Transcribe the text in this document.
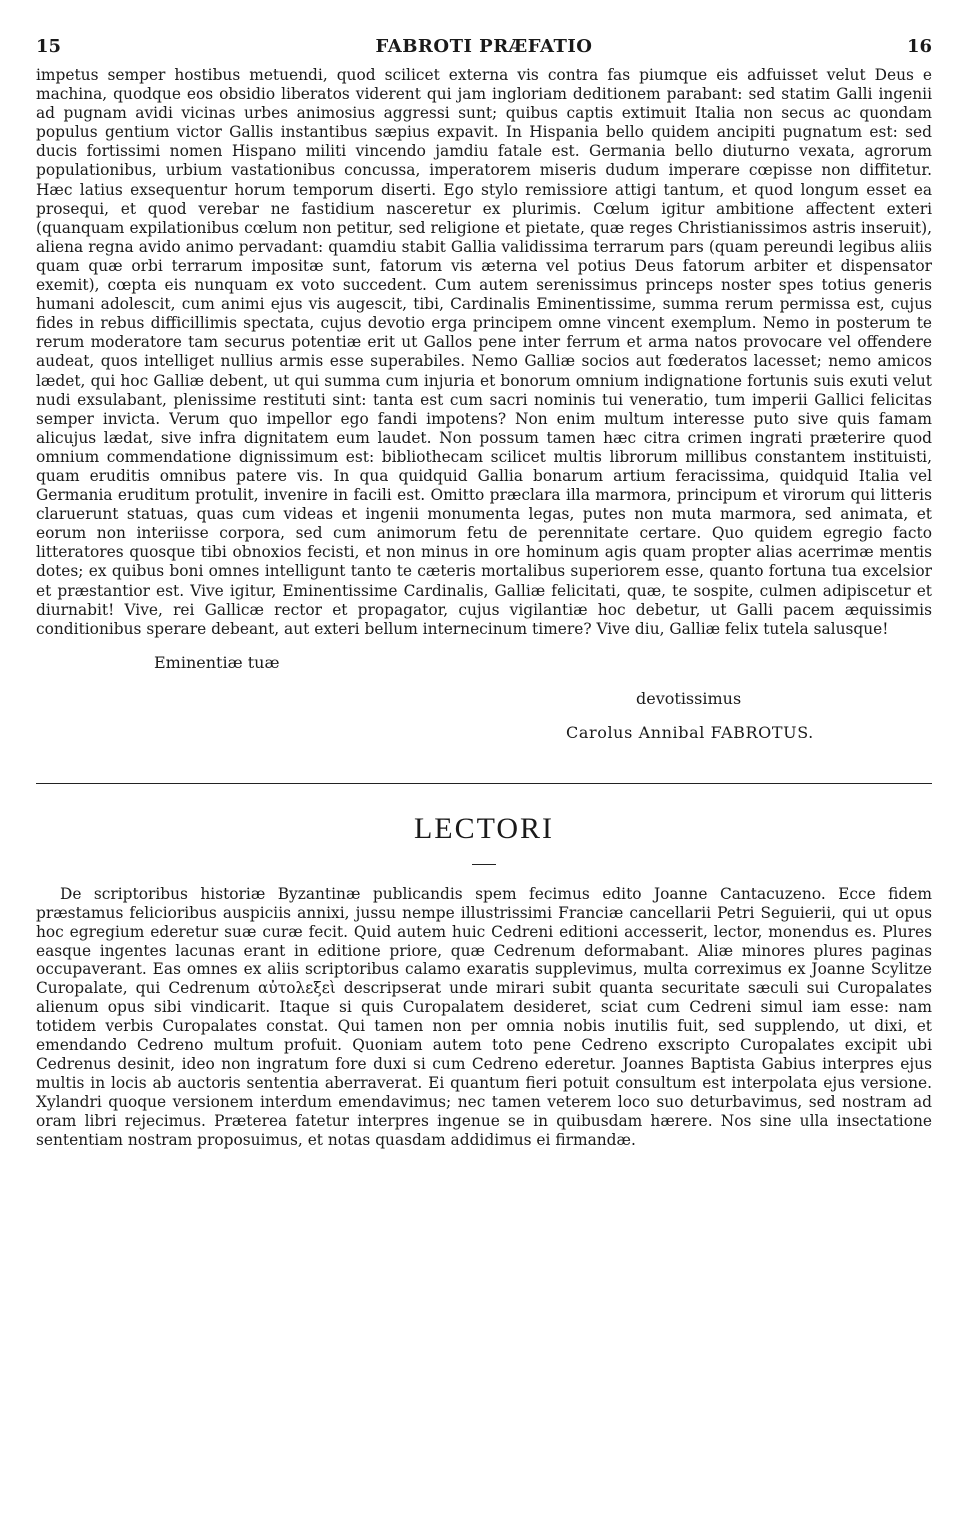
15	FABROTI PRÆFATIO	16

impetus semper hostibus metuendi, quod scilicet externa vis contra fas piumque eis adfuisset velut Deus e machina, quodque eos obsidio liberatos viderent qui jam ingloriam deditionem parabant: sed statim Galli ingenii ad pugnam avidi vicinas urbes animosius aggressi sunt; quibus captis extimuit Italia non secus ac quondam populus gentium victor Gallis instantibus sæpius expavit. In Hispania bello quidem ancipiti pugnatum est: sed ducis fortissimi nomen Hispano militi vincendo jamdiu fatale est. Germania bello diuturno vexata, agrorum populationibus, urbium vastationibus concussa, imperatorem miseris dudum imperare cœpisse non diffitetur. Hæc latius exsequentur horum temporum diserti. Ego stylo remissiore attigi tantum, et quod longum esset ea prosequi, et quod verebar ne fastidium nasceretur ex plurimis. Cœlum igitur ambitione affectent exteri (quanquam expilationibus cœlum non petitur, sed religione et pietate, quæ reges Christianissimos astris inseruit), aliena regna avido animo pervadant: quamdiu stabit Gallia validissima terrarum pars (quam pereundi legibus aliis quam quæ orbi terrarum impositæ sunt, fatorum vis æterna vel potius Deus fatorum arbiter et dispensator exemit), cœpta eis nunquam ex voto succedent. Cum autem serenissimus princeps noster spes totius generis humani adolescit, cum animi ejus vis augescit, tibi, Cardinalis Eminentissime, summa rerum permissa est, cujus fides in rebus difficillimis spectata, cujus devotio erga principem omne vincent exemplum. Nemo in posterum te rerum moderatore tam securus potentiæ erit ut Gallos pene inter ferrum et arma natos provocare vel offendere audeat, quos intelliget nullius armis esse superabiles. Nemo Galliæ socios aut fœderatos lacesset; nemo amicos lædet, qui hoc Galliæ debent, ut qui summa cum injuria et bonorum omnium indignatione fortunis suis exuti velut nudi exsulabant, plenissime restituti sint: tanta est cum sacri nominis tui veneratio, tum imperii Gallici felicitas semper invicta. Verum quo impellor ego fandi impotens? Non enim multum interesse puto sive quis famam alicujus lædat, sive infra dignitatem eum laudet. Non possum tamen hæc citra crimen ingrati præterire quod omnium commendatione dignissimum est: bibliothecam scilicet multis librorum millibus constantem instituisti, quam eruditis omnibus patere vis. In qua quidquid Gallia bonarum artium feracissima, quidquid Italia vel Germania eruditum protulit, invenire in facili est. Omitto præclara illa marmora, principum et virorum qui litteris claruerunt statuas, quas cum videas et ingenii monumenta legas, putes non muta marmora, sed animata, et eorum non interiisse corpora, sed cum animorum fetu de perennitate certare. Quo quidem egregio facto litteratores quosque tibi obnoxios fecisti, et non minus in ore hominum agis quam propter alias acerrimæ mentis dotes; ex quibus boni omnes intelligunt tanto te cæteris mortalibus superiorem esse, quanto fortuna tua excelsior et præstantior est. Vive igitur, Eminentissime Cardinalis, Galliæ felicitati, quæ, te sospite, culmen adipiscetur et diurnabit! Vive, rei Gallicæ rector et propagator, cujus vigilantiæ hoc debetur, ut Galli pacem æquissimis conditionibus sperare debeant, aut exteri bellum internecinum timere? Vive diu, Galliæ felix tutela salusque!

Eminentiæ tuæ
devotissimus
Carolus Annibal FABROTUS.
LECTORI

De scriptoribus historiæ Byzantinæ publicandis spem fecimus edito Joanne Cantacuzeno. Ecce fidem præstamus felicioribus auspiciis annixi, jussu nempe illustrissimi Franciæ cancellarii Petri Seguierii, qui ut opus hoc egregium ederetur suæ curæ fecit. Quid autem huic Cedreni editioni accesserit, lector, monendus es. Plures easque ingentes lacunas erant in editione priore, quæ Cedrenum deformabant. Aliæ minores plures paginas occupaverant. Eas omnes ex aliis scriptoribus calamo exaratis supplevimus, multa correximus ex Joanne Scylitze Curopalate, qui Cedrenum αὐτολεξεὶ descripserat unde mirari subit quanta securitate sæculi sui Curopalates alienum opus sibi vindicarit. Itaque si quis Curopalatem desideret, sciat cum Cedreni simul iam esse: nam totidem verbis Curopalates constat. Qui tamen non per omnia nobis inutilis fuit, sed supplendo, ut dixi, et emendando Cedreno multum profuit. Quoniam autem toto pene Cedreno exscripto Curopalates excipit ubi Cedrenus desinit, ideo non ingratum fore duxi si cum Cedreno ederetur. Joannes Baptista Gabius interpres ejus multis in locis ab auctoris sententia aberraverat. Ei quantum fieri potuit consultum est interpolata ejus versione. Xylandri quoque versionem interdum emendavimus; nec tamen veterem loco suo deturbavimus, sed nostram ad oram libri rejecimus. Præterea fatetur interpres ingenue se in quibusdam hærere. Nos sine ulla insectatione sententiam nostram proposuimus, et notas quasdam addidimus ei firmandæ.
